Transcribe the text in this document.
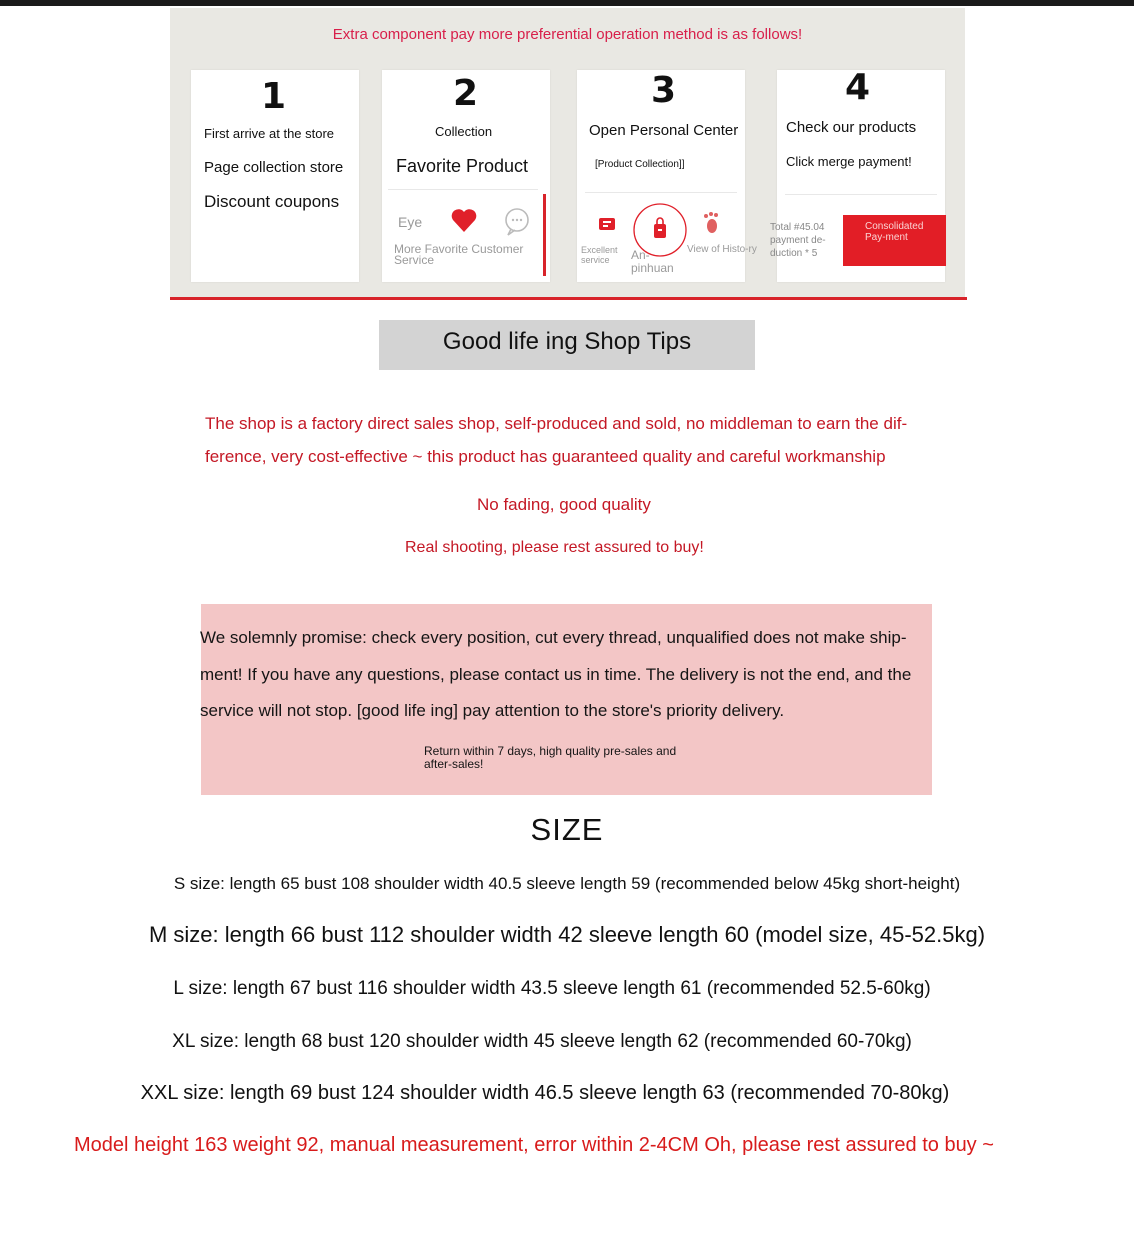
Extra component pay more preferential operation method is as follows!
1
First arrive at the store
Page collection store
Discount coupons
2
Collection
Favorite Product
Eye
More Favorite Customer Service
3
Open Personal Center
[Product Collection]]
Excellent service	An-pinhuan
View of Histo-ry
4
Check our products
Click merge payment!
Total #45.04 payment de-duction * 5
Consolidated Pay-ment
Good life ing Shop Tips
The shop is a factory direct sales shop, self-produced and sold, no middleman to earn the dif-
ference, very cost-effective ~ this product has guaranteed quality and careful workmanship
No fading, good quality
Real shooting, please rest assured to buy!
We solemnly promise: check every position, cut every thread, unqualified does not make ship-
ment! If you have any questions, please contact us in time. The delivery is not the end, and the
service will not stop. [good life ing] pay attention to the store's priority delivery.
Return within 7 days, high quality pre-sales and after-sales!
SIZE
S size: length 65 bust 108 shoulder width 40.5 sleeve length 59 (recommended below 45kg short-height)
M size: length 66 bust 112 shoulder width 42 sleeve length 60 (model size, 45-52.5kg)
L size: length 67 bust 116 shoulder width 43.5 sleeve length 61 (recommended 52.5-60kg)
XL size: length 68 bust 120 shoulder width 45 sleeve length 62 (recommended 60-70kg)
XXL size: length 69 bust 124 shoulder width 46.5 sleeve length 63 (recommended 70-80kg)
Model height 163 weight 92, manual measurement, error within 2-4CM Oh, please rest assured to buy ~
